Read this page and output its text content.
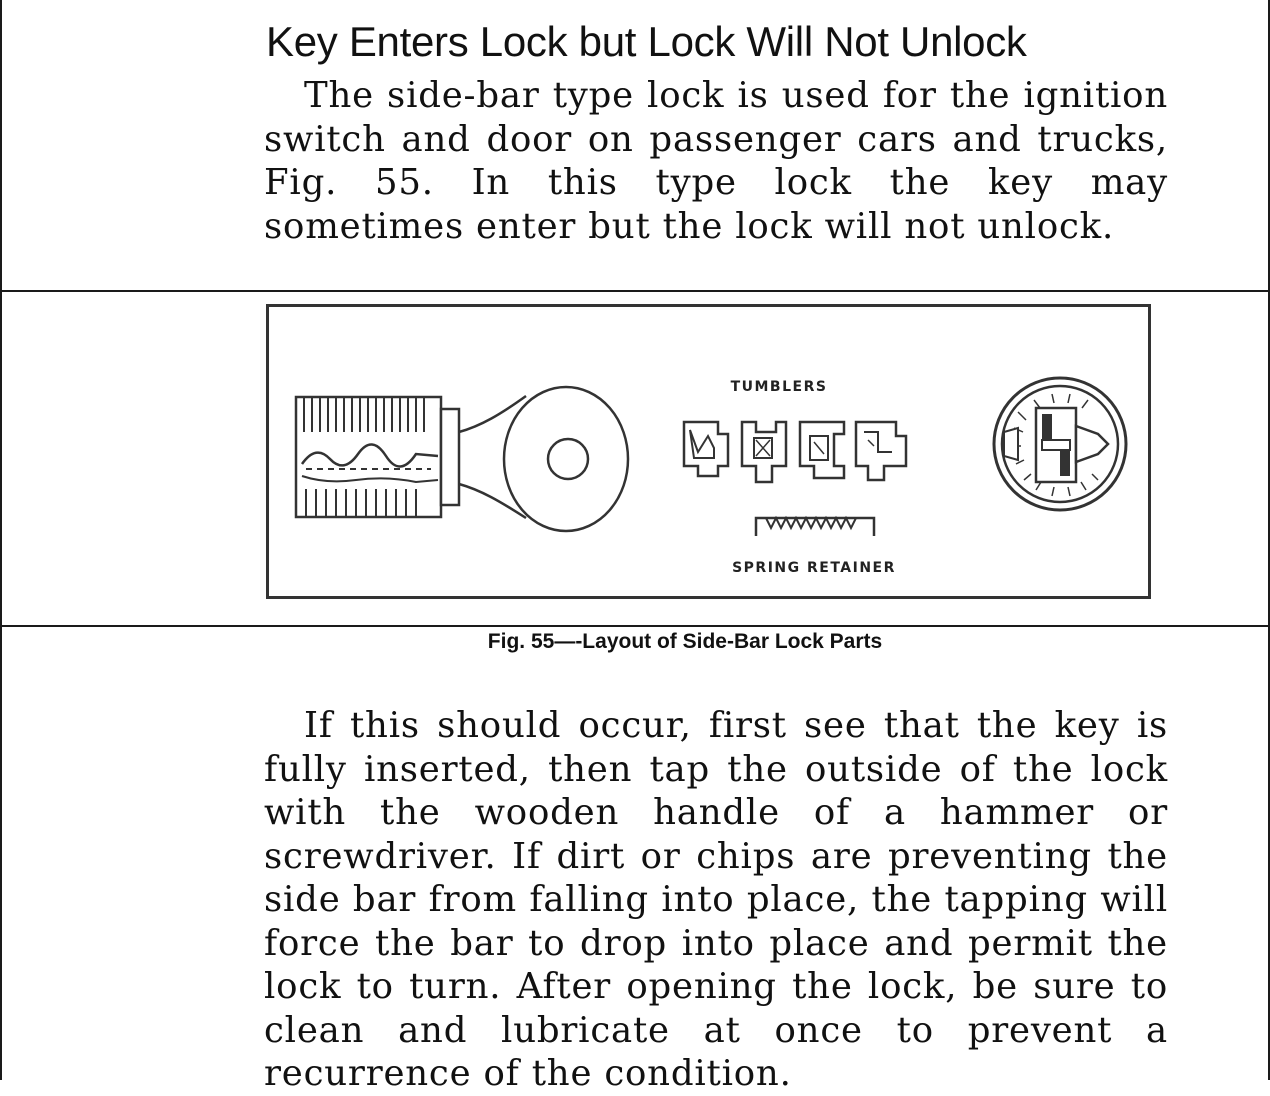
Key Enters Lock but Lock Will Not Unlock
The side-bar type lock is used for the ignition switch and door on passenger cars and trucks, Fig. 55. In this type lock the key may sometimes enter but the lock will not unlock.
TUMBLERS
SPRING RETAINER
Fig. 55—-Layout of Side-Bar Lock Parts
If this should occur, first see that the key is fully inserted, then tap the outside of the lock with the wooden handle of a hammer or screwdriver. If dirt or chips are preventing the side bar from falling into place, the tapping will force the bar to drop into place and permit the lock to turn. After opening the lock, be sure to clean and lubricate at once to prevent a recurrence of the condition.
